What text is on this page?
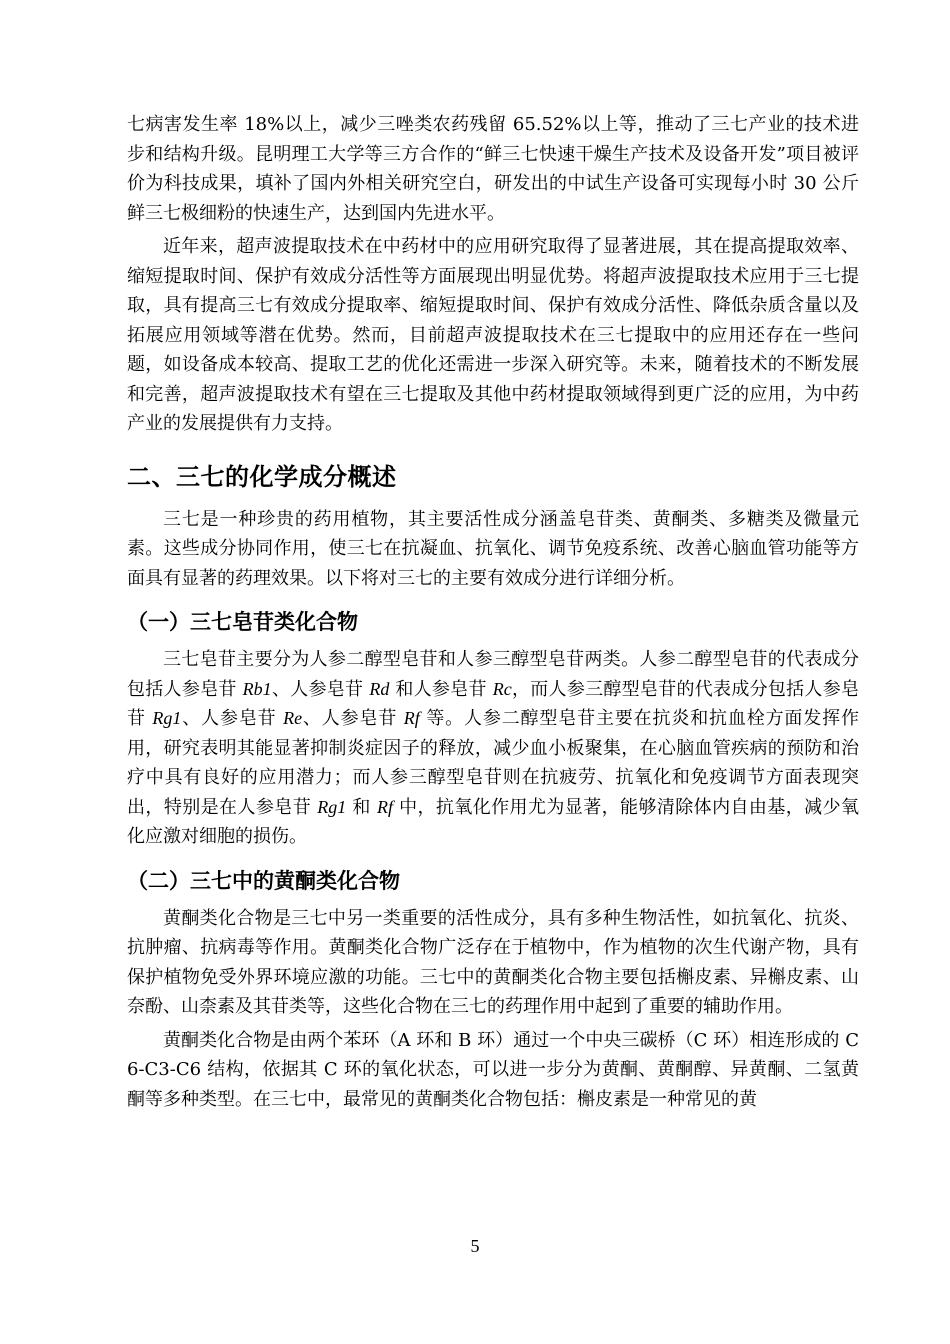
七病害发生率 18%以上，减少三唑类农药残留 65.52%以上等，推动了三七产业的技术进步和结构升级。昆明理工大学等三方合作的“鲜三七快速干燥生产技术及设备开发”项目被评价为科技成果，填补了国内外相关研究空白，研发出的中试生产设备可实现每小时 30 公斤鲜三七极细粉的快速生产，达到国内先进水平。

近年来，超声波提取技术在中药材中的应用研究取得了显著进展，其在提高提取效率、缩短提取时间、保护有效成分活性等方面展现出明显优势。将超声波提取技术应用于三七提取，具有提高三七有效成分提取率、缩短提取时间、保护有效成分活性、降低杂质含量以及拓展应用领域等潜在优势。然而，目前超声波提取技术在三七提取中的应用还存在一些问题，如设备成本较高、提取工艺的优化还需进一步深入研究等。未来，随着技术的不断发展和完善，超声波提取技术有望在三七提取及其他中药材提取领域得到更广泛的应用，为中药产业的发展提供有力支持。

二、三七的化学成分概述

三七是一种珍贵的药用植物，其主要活性成分涵盖皂苷类、黄酮类、多糖类及微量元素。这些成分协同作用，使三七在抗凝血、抗氧化、调节免疫系统、改善心脑血管功能等方面具有显著的药理效果。以下将对三七的主要有效成分进行详细分析。

（一）三七皂苷类化合物

三七皂苷主要分为人参二醇型皂苷和人参三醇型皂苷两类。人参二醇型皂苷的代表成分包括人参皂苷 Rb1、人参皂苷 Rd 和人参皂苷 Rc，而人参三醇型皂苷的代表成分包括人参皂苷 Rg1、人参皂苷 Re、人参皂苷 Rf 等。人参二醇型皂苷主要在抗炎和抗血栓方面发挥作用，研究表明其能显著抑制炎症因子的释放，减少血小板聚集，在心脑血管疾病的预防和治疗中具有良好的应用潜力；而人参三醇型皂苷则在抗疲劳、抗氧化和免疫调节方面表现突出，特别是在人参皂苷 Rg1 和 Rf 中，抗氧化作用尤为显著，能够清除体内自由基，减少氧化应激对细胞的损伤。

（二）三七中的黄酮类化合物

黄酮类化合物是三七中另一类重要的活性成分，具有多种生物活性，如抗氧化、抗炎、抗肿瘤、抗病毒等作用。黄酮类化合物广泛存在于植物中，作为植物的次生代谢产物，具有保护植物免受外界环境应激的功能。三七中的黄酮类化合物主要包括槲皮素、异槲皮素、山奈酚、山柰素及其苷类等，这些化合物在三七的药理作用中起到了重要的辅助作用。

黄酮类化合物是由两个苯环（A 环和 B 环）通过一个中央三碳桥（C 环）相连形成的 C6-C3-C6 结构，依据其 C 环的氧化状态，可以进一步分为黄酮、黄酮醇、异黄酮、二氢黄酮等多种类型。在三七中，最常见的黄酮类化合物包括：槲皮素是一种常见的黄

5
